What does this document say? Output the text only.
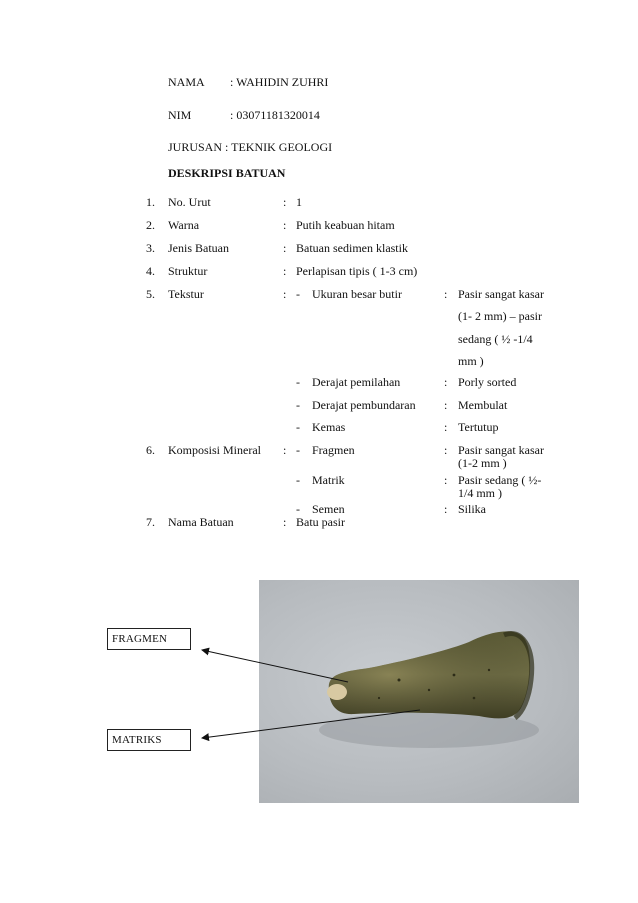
NAMA : WAHIDIN ZUHRI
NIM	: 03071181320014
JURUSAN : TEKNIK GEOLOGI
DESKRIPSI BATUAN
1. No. Urut	: 1
2. Warna	: Putih keabuan hitam
3. Jenis Batuan	: Batuan sedimen klastik
4. Struktur	: Perlapisan tipis ( 1-3 cm)
5. Tekstur	: - Ukuran besar butir	: Pasir sangat kasar
(1- 2 mm) – pasir
sedang ( ½ -1/4
mm )
- Derajat pemilahan	: Porly sorted
- Derajat pembundaran : Membulat
- Kemas	: Tertutup
6. Komposisi Mineral : - Fragmen	: Pasir sangat kasar
(1-2 mm )
- Matrik	: Pasir sedang ( ½-
1/4 mm )
- Semen	: Silika
7. Nama Batuan	: Batu pasir
FRAGMEN
MATRIKS
